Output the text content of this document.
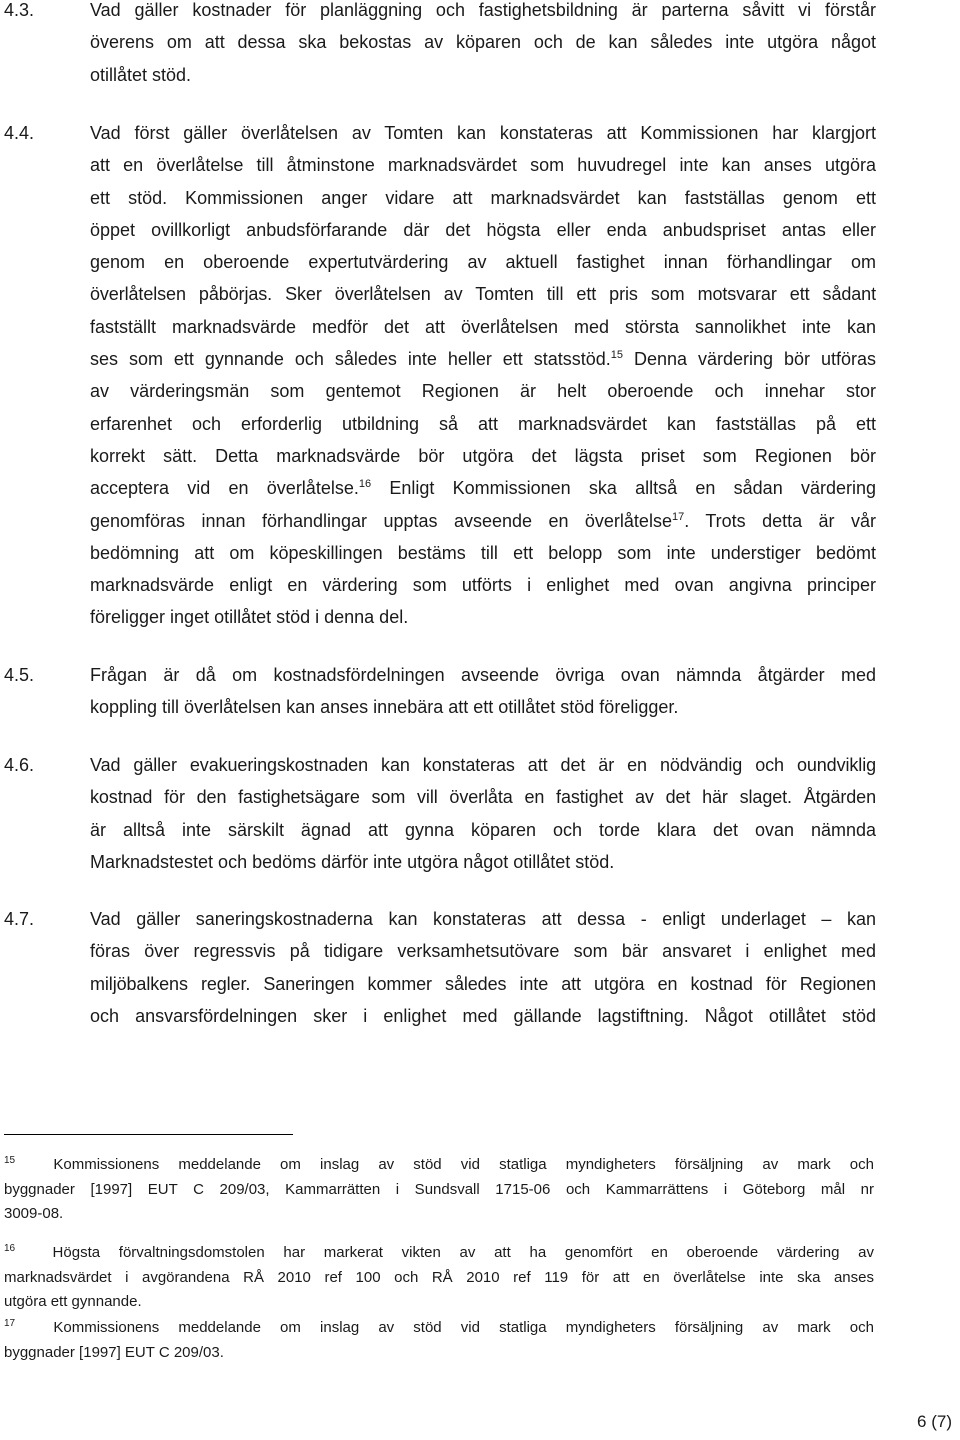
4.3.	Vad gäller kostnader för planläggning och fastighetsbildning är parterna såvitt vi förstår
överens om att dessa ska bekostas av köparen och de kan således inte utgöra något
otillåtet stöd.
4.4.	Vad först gäller överlåtelsen av Tomten kan konstateras att Kommissionen har klargjort
att en överlåtelse till åtminstone marknadsvärdet som huvudregel inte kan anses utgöra
ett stöd. Kommissionen anger vidare att marknadsvärdet kan fastställas genom ett
öppet ovillkorligt anbudsförfarande där det högsta eller enda anbudspriset antas eller
genom en oberoende expertutvärdering av aktuell fastighet innan förhandlingar om
överlåtelsen påbörjas. Sker överlåtelsen av Tomten till ett pris som motsvarar ett sådant
fastställt marknadsvärde medför det att överlåtelsen med största sannolikhet inte kan
ses som ett gynnande och således inte heller ett statsstöd.$^{15}$ Denna värdering bör utföras
av värderingsmän som gentemot Regionen är helt oberoende och innehar stor
erfarenhet och erforderlig utbildning så att marknadsvärdet kan fastställas på ett
korrekt sätt. Detta marknadsvärde bör utgöra det lägsta priset som Regionen bör
acceptera vid en överlåtelse.$^{16}$ Enligt Kommissionen ska alltså en sådan värdering
genomföras innan förhandlingar upptas avseende en överlåtelse$^{17}$. Trots detta är vår
bedömning att om köpeskillingen bestäms till ett belopp som inte understiger bedömt
marknadsvärde enligt en värdering som utförts i enlighet med ovan angivna principer
föreligger inget otillåtet stöd i denna del.
4.5.	Frågan är då om kostnadsfördelningen avseende övriga ovan nämnda åtgärder med
koppling till överlåtelsen kan anses innebära att ett otillåtet stöd föreligger.
4.6.	Vad gäller evakueringskostnaden kan konstateras att det är en nödvändig och oundviklig
kostnad för den fastighetsägare som vill överlåta en fastighet av det här slaget. Åtgärden
är alltså inte särskilt ägnad att gynna köparen och torde klara det ovan nämnda
Marknadstestet och bedöms därför inte utgöra något otillåtet stöd.
4.7.	Vad gäller saneringskostnaderna kan konstateras att dessa - enligt underlaget – kan
föras över regressvis på tidigare verksamhetsutövare som bär ansvaret i enlighet med
miljöbalkens regler. Saneringen kommer således inte att utgöra en kostnad för Regionen
och ansvarsfördelningen sker i enlighet med gällande lagstiftning. Något otillåtet stöd
$^{15}$	Kommissionens meddelande om inslag av stöd vid statliga myndigheters försäljning av mark och
byggnader [1997] EUT C 209/03, Kammarrätten i Sundsvall 1715-06 och Kammarrättens i Göteborg mål nr
3009-08.
$^{16}$ Högsta förvaltningsdomstolen har markerat vikten av att ha genomfört en oberoende värdering av
marknadsvärdet i avgörandena RÅ 2010 ref 100 och RÅ 2010 ref 119 för att en överlåtelse inte ska anses
utgöra ett gynnande.
$^{17}$	Kommissionens meddelande om inslag av stöd vid statliga myndigheters försäljning av mark och
byggnader [1997] EUT C 209/03.
6 (7)
